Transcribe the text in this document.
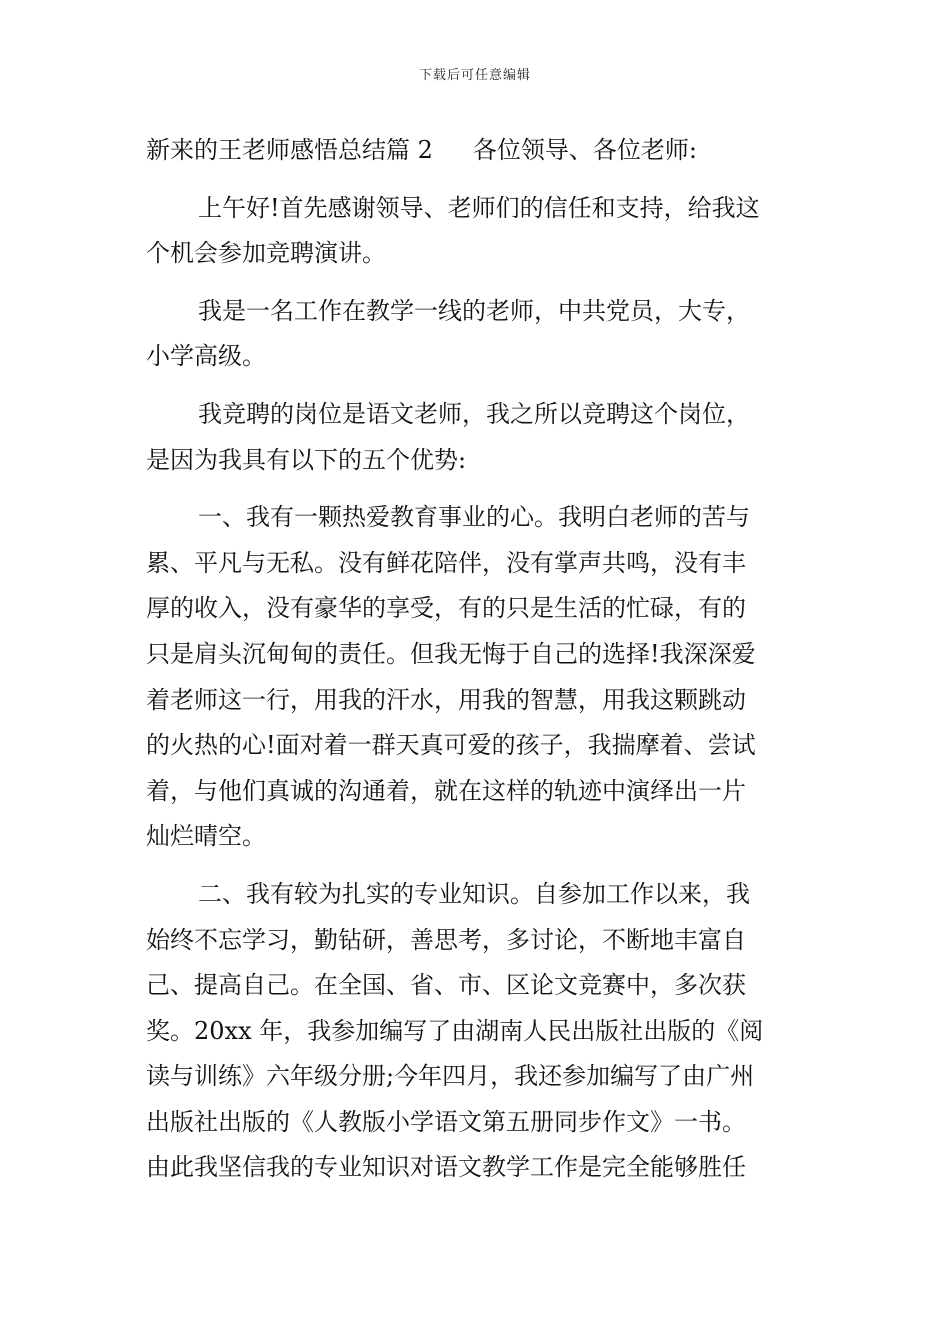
下载后可任意编辑
新来的王老师感悟总结篇 2 各位领导、各位老师:
上午好!首先感谢领导、老师们的信任和支持，给我这
个机会参加竞聘演讲。
我是一名工作在教学一线的老师，中共党员，大专，
小学高级。
我竞聘的岗位是语文老师，我之所以竞聘这个岗位，
是因为我具有以下的五个优势:
一、我有一颗热爱教育事业的心。我明白老师的苦与
累、平凡与无私。没有鲜花陪伴，没有掌声共鸣，没有丰
厚的收入，没有豪华的享受，有的只是生活的忙碌，有的
只是肩头沉甸甸的责任。但我无悔于自己的选择!我深深爱
着老师这一行，用我的汗水，用我的智慧，用我这颗跳动
的火热的心!面对着一群天真可爱的孩子，我揣摩着、尝试
着，与他们真诚的沟通着，就在这样的轨迹中演绎出一片
灿烂晴空。
二、我有较为扎实的专业知识。自参加工作以来，我
始终不忘学习，勤钻研，善思考，多讨论，不断地丰富自
己、提高自己。在全国、省、市、区论文竞赛中，多次获
奖。20xx 年，我参加编写了由湖南人民出版社出版的《阅
读与训练》六年级分册;今年四月，我还参加编写了由广州
出版社出版的《人教版小学语文第五册同步作文》一书。
由此我坚信我的专业知识对语文教学工作是完全能够胜任
